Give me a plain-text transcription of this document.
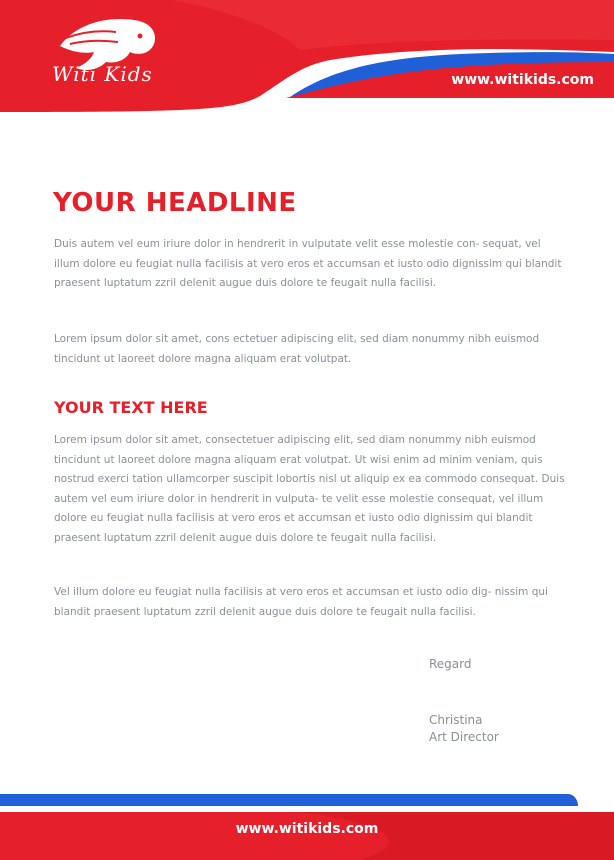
Witi Kids	www.witikids.com
YOUR HEADLINE

Duis autem vel eum iriure dolor in hendrerit in vulputate velit esse molestie con- sequat, vel illum dolore eu feugiat nulla facilisis at vero eros et accumsan et iusto odio dignissim qui blandit praesent luptatum zzril delenit augue duis dolore te feugait nulla facilisi.

Lorem ipsum dolor sit amet, cons ectetuer adipiscing elit, sed diam nonummy nibh euismod tincidunt ut laoreet dolore magna aliquam erat volutpat.

YOUR TEXT HERE

Lorem ipsum dolor sit amet, consectetuer adipiscing elit, sed diam nonummy nibh euismod tincidunt ut laoreet dolore magna aliquam erat volutpat. Ut wisi enim ad minim veniam, quis nostrud exerci tation ullamcorper suscipit lobortis nisl ut aliquip ex ea commodo consequat. Duis autem vel eum iriure dolor in hendrerit in vulputa- te velit esse molestie consequat, vel illum dolore eu feugiat nulla facilisis at vero eros et accumsan et iusto odio dignissim qui blandit praesent luptatum zzril delenit augue duis dolore te feugait nulla facilisi.

Vel illum dolore eu feugiat nulla facilisis at vero eros et accumsan et iusto odio dig- nissim qui blandit praesent luptatum zzril delenit augue duis dolore te feugait nulla facilisi.

Regard
Christina
Art Director
www.witikids.com
